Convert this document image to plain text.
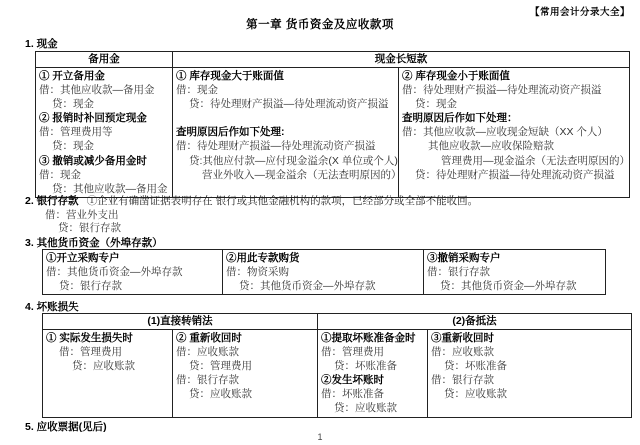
【常用会计分录大全】
第一章 货币资金及应收款项
1. 现金
备用金	现金长短款	

① 开立备用金
借：其他应收款—备用金
贷：现金
② 报销时补回预定现金
借：管理费用等
贷：现金
③ 撤销或减少备用金时
借：现金
贷：其他应收款—备用金

① 库存现金大于账面值
借：现金
贷：待处理财产损溢—待处理流动资产损溢

查明原因后作如下处理:
借：待处理财产损溢—待处理流动资产损溢
贷:其他应付款—应付现金溢余(X 单位或个人)
营业外收入—现金溢余（无法查明原因的）

② 库存现金小于账面值
借：待处理财产损溢—待处理流动资产损溢
贷：现金
查明原因后作如下处理：
借：其他应收款—应收现金短缺（XX 个人）
其他应收款—应收保险赔款
管理费用—现金溢余（无法查明原因的）
贷：待处理财产损溢—待处理流动资产损溢
2. 银行存款 ①企业有确凿证据表明存在 银行或其他金融机构的款项，已经部分或全部不能收回。
借：营业外支出
贷：银行存款
3. 其他货币资金（外埠存款）
①开立采购专户
借：其他货币资金—外埠存款
贷：银行存款

②用此专款购货
借：物资采购
贷：其他货币资金—外埠存款

③撤销采购专户
借：银行存款
贷：其他货币资金—外埠存款
4. 坏账损失
(1)直接转销法		(2)备抵法	

① 实际发生损失时
借：管理费用
贷：应收账款

② 重新收回时
借：应收账款
贷：管理费用
借：银行存款
贷：应收账款

①提取坏账准备金时
借：管理费用
贷：坏账准备
②发生坏账时
借：坏账准备
贷：应收账款

③重新收回时
借：应收账款
贷：坏账准备
借：银行存款
贷：应收账款
5. 应收票据(见后)
1
